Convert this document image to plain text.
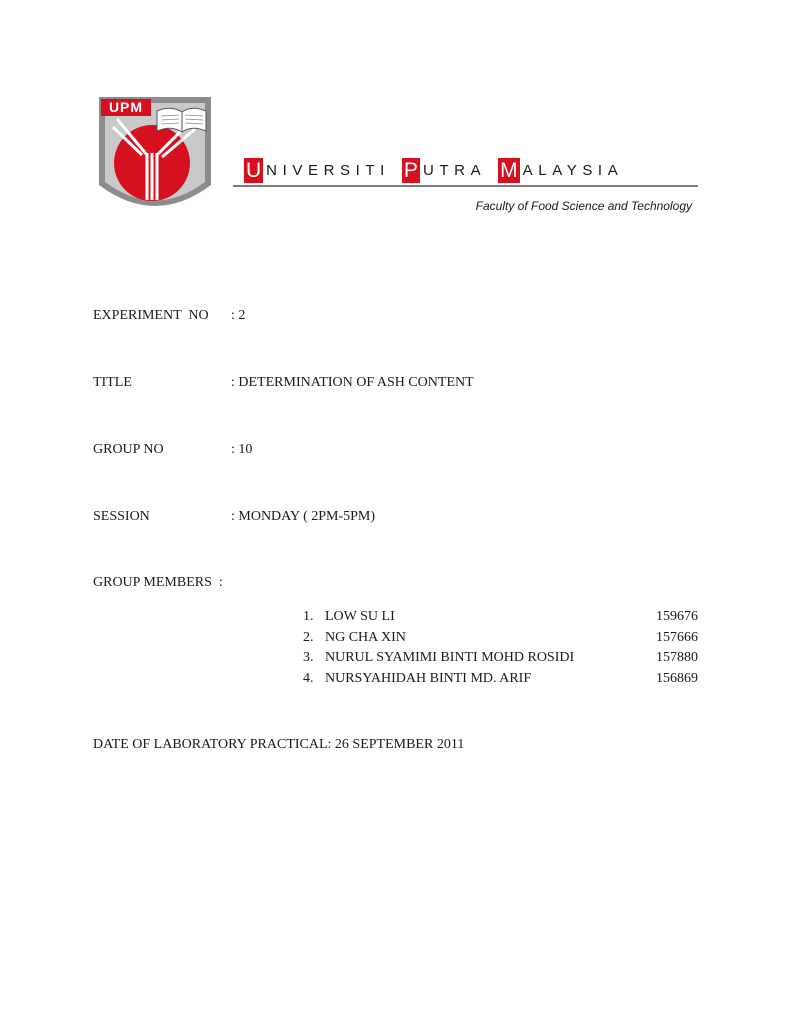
UPM
U NIVERSITI P UTRA M ALAYSIA
Faculty of Food Science and Technology
EXPERIMENT  NO : 2
TITLE	: DETERMINATION OF ASH CONTENT
GROUP NO	: 10
SESSION	: MONDAY ( 2PM-5PM)
GROUP MEMBERS  :
1. LOW SU LI	159676
2. NG CHA XIN	157666
3. NURUL SYAMIMI BINTI MOHD ROSIDI	157880
4. NURSYAHIDAH BINTI MD. ARIF	156869
DATE OF LABORATORY PRACTICAL: 26 SEPTEMBER 2011
